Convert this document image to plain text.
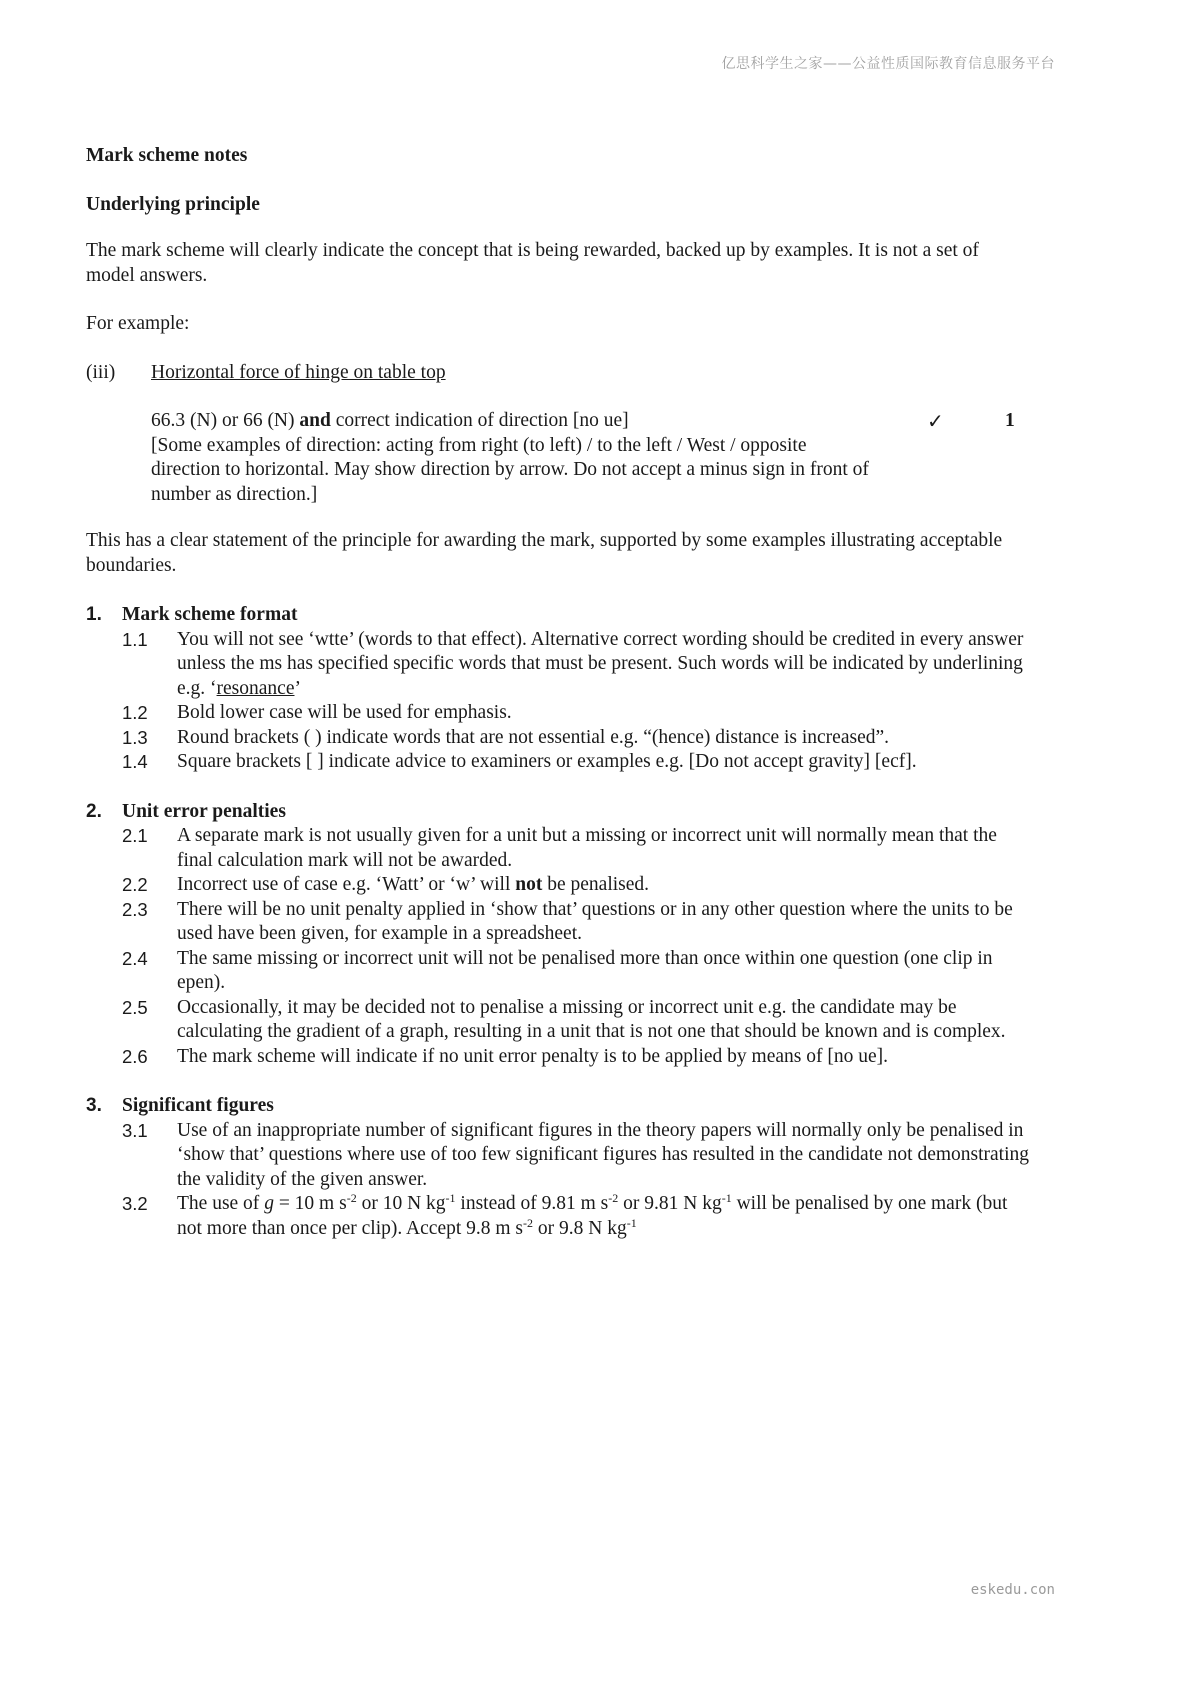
亿思科学生之家——公益性质国际教育信息服务平台

Mark scheme notes

Underlying principle

The mark scheme will clearly indicate the concept that is being rewarded, backed up by examples. It is not a set of model answers.

For example:

(iii)	Horizontal force of hinge on table top
66.3 (N) or 66 (N) and correct indication of direction [no ue]
[Some examples of direction: acting from right (to left) / to the left / West / opposite direction to horizontal. May show direction by arrow. Do not accept a minus sign in front of number as direction.]
✓	1

This has a clear statement of the principle for awarding the mark, supported by some examples illustrating acceptable boundaries.

1.	Mark scheme format
1.1	You will not see ‘wtte’ (words to that effect). Alternative correct wording should be credited in every answer unless the ms has specified specific words that must be present. Such words will be indicated by underlining e.g. ‘resonance’
1.2	Bold lower case will be used for emphasis.
1.3	Round brackets ( ) indicate words that are not essential e.g. “(hence) distance is increased”.
1.4	Square brackets [ ] indicate advice to examiners or examples e.g. [Do not accept gravity] [ecf].
2.	Unit error penalties
2.1	A separate mark is not usually given for a unit but a missing or incorrect unit will normally mean that the final calculation mark will not be awarded.
2.2	Incorrect use of case e.g. ‘Watt’ or ‘w’ will not be penalised.
2.3	There will be no unit penalty applied in ‘show that’ questions or in any other question where the units to be used have been given, for example in a spreadsheet.
2.4	The same missing or incorrect unit will not be penalised more than once within one question (one clip in epen).
2.5	Occasionally, it may be decided not to penalise a missing or incorrect unit e.g. the candidate may be calculating the gradient of a graph, resulting in a unit that is not one that should be known and is complex.
2.6	The mark scheme will indicate if no unit error penalty is to be applied by means of [no ue].
3.	Significant figures
3.1	Use of an inappropriate number of significant figures in the theory papers will normally only be penalised in ‘show that’ questions where use of too few significant figures has resulted in the candidate not demonstrating the validity of the given answer.
3.2	The use of g = 10 m $s^{-2}$ or 10 N $kg^{-1}$ instead of 9.81 m $s^{-2}$ or 9.81 N $kg^{-1}$ will be penalised by one mark (but not more than once per clip). Accept 9.8 m $s^{-2}$ or 9.8 N $kg^{-1}$
eskedu.con
